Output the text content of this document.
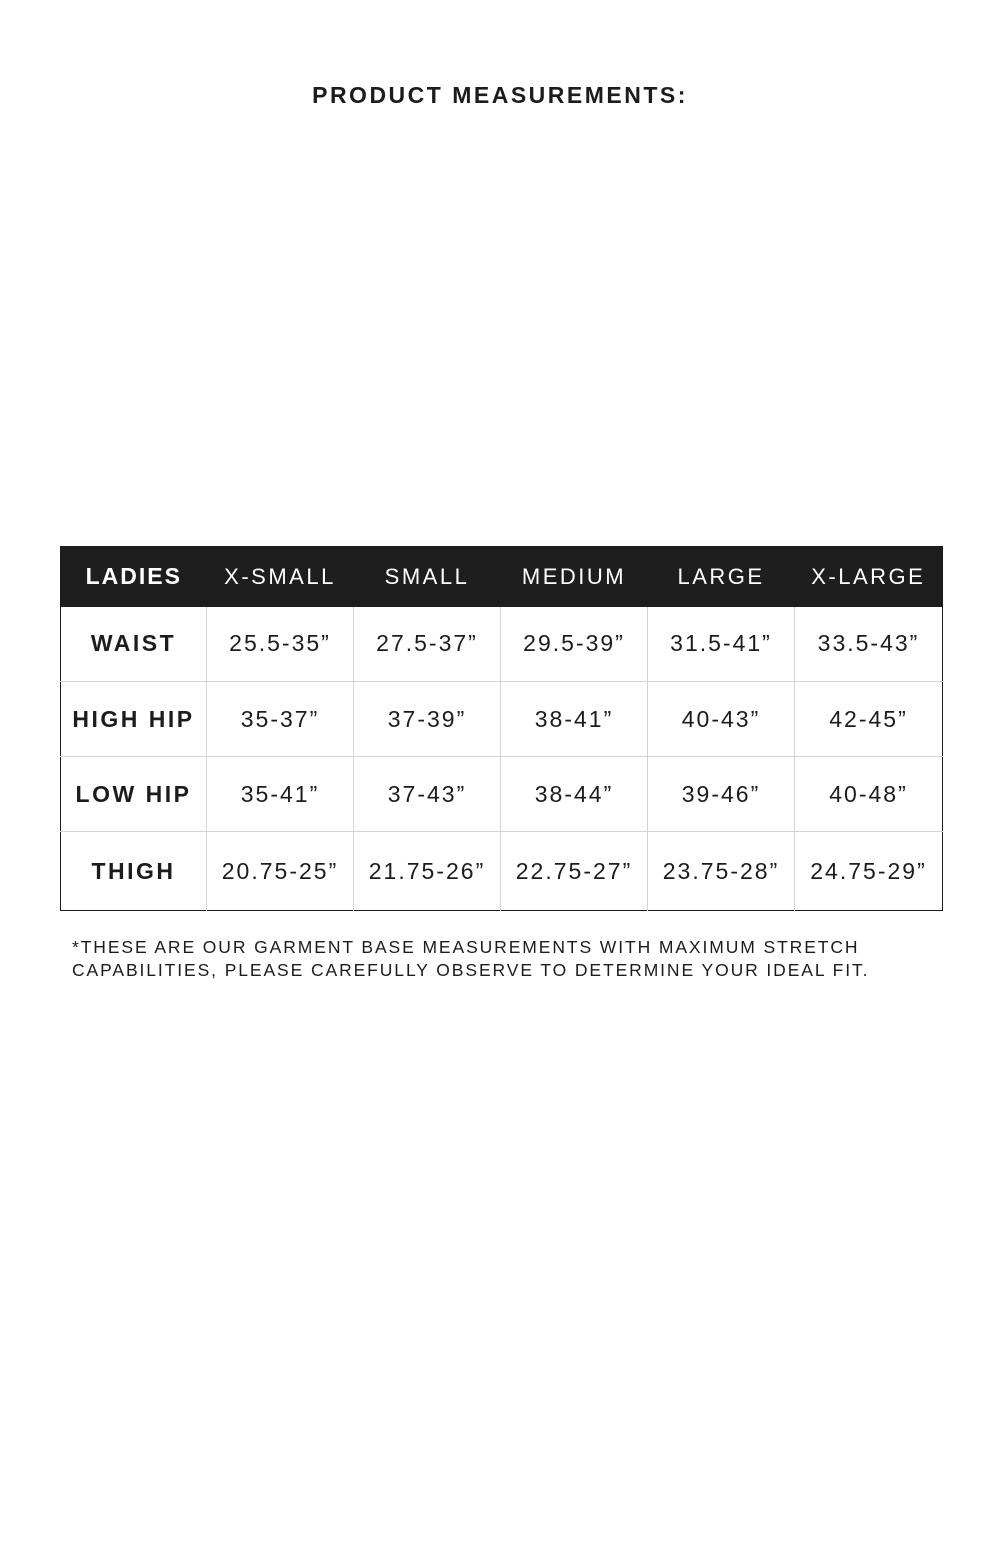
PRODUCT MEASUREMENTS:
LADIES	X-SMALL	SMALL	MEDIUM	LARGE	X-LARGE
WAIST	25.5-35”	27.5-37”	29.5-39”	31.5-41”	33.5-43”
HIGH HIP	35-37”	37-39”	38-41”	40-43”	42-45”
LOW HIP	35-41”	37-43”	38-44”	39-46”	40-48”
THIGH	20.75-25”	21.75-26”	22.75-27”	23.75-28”	24.75-29”
*THESE ARE OUR GARMENT BASE MEASUREMENTS WITH MAXIMUM STRETCH
CAPABILITIES, PLEASE CAREFULLY OBSERVE TO DETERMINE YOUR IDEAL FIT.
